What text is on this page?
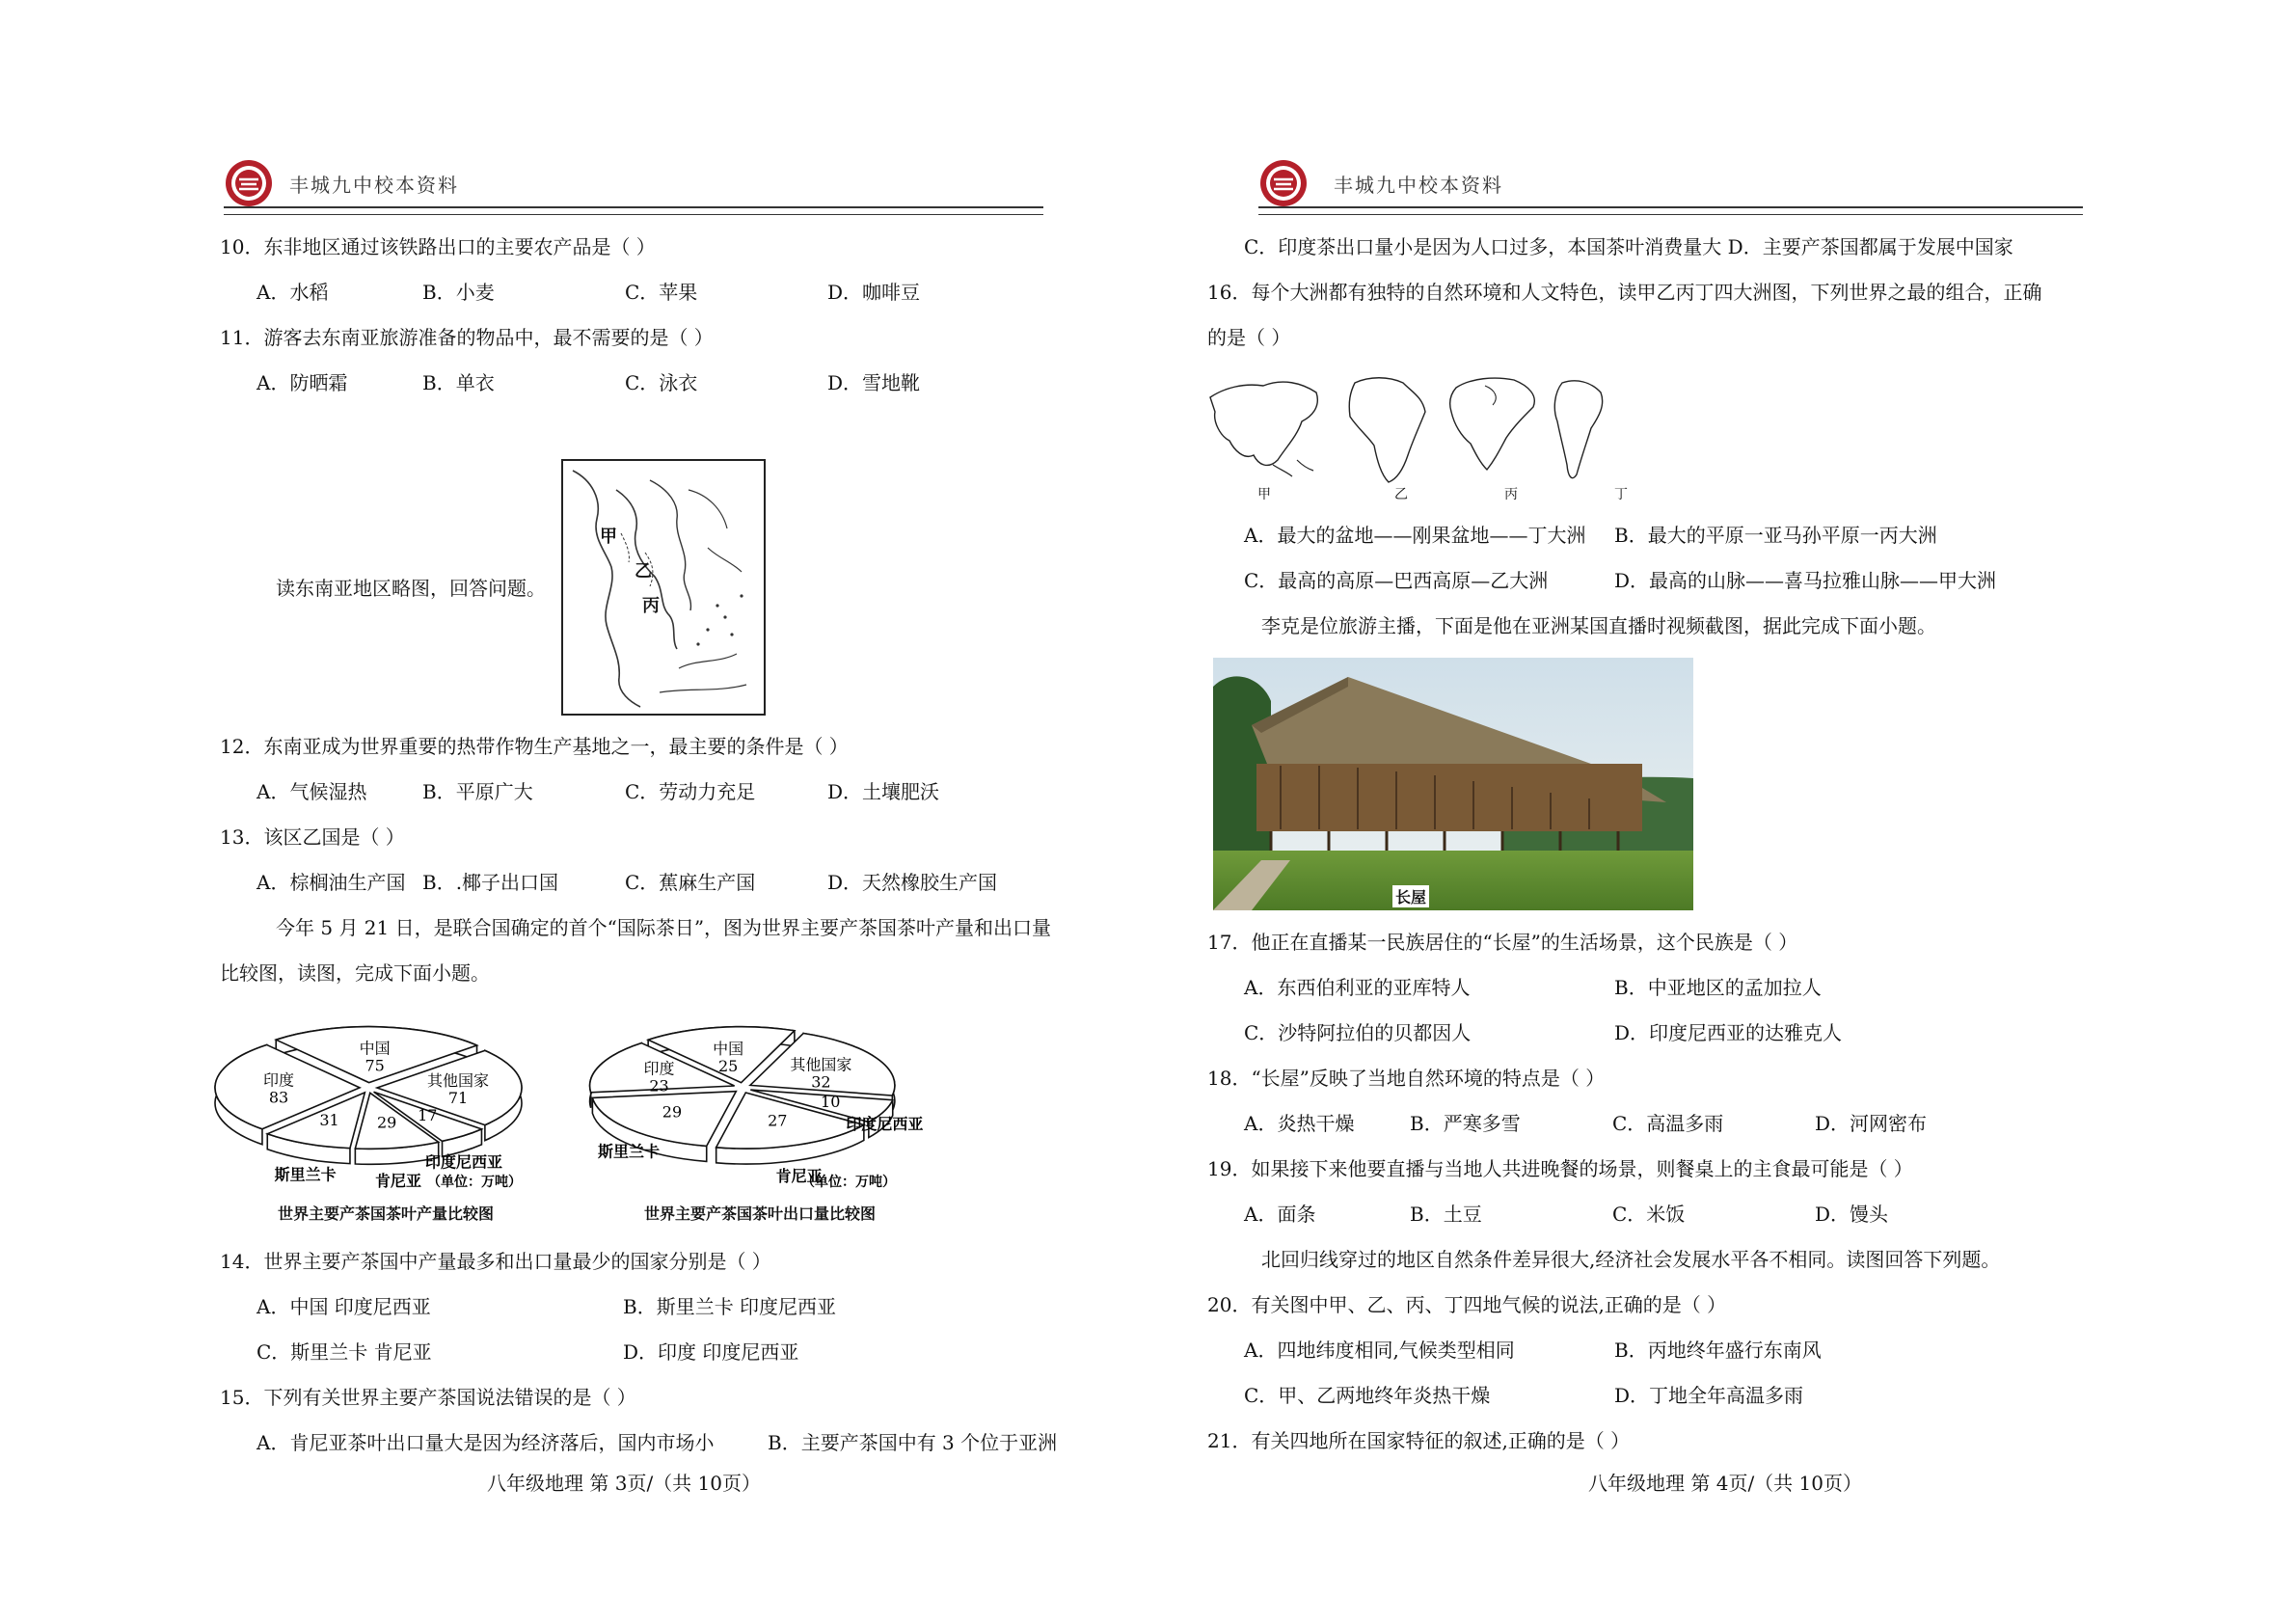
丰城九中校本资料
10．东非地区通过该铁路出口的主要农产品是（ ）
A．水稻	B．小麦	C．苹果	D．咖啡豆
11．游客去东南亚旅游准备的物品中，最不需要的是（ ）
A．防晒霜	B．单衣	C．泳衣	D．雪地靴
读东南亚地区略图，回答问题。
甲
乙
丙
12．东南亚成为世界重要的热带作物生产基地之一，最主要的条件是（ ）
A．气候湿热	B．平原广大	C．劳动力充足	D．土壤肥沃
13．该区乙国是（ ）
A．棕榈油生产国 B．.椰子出口国	C．蕉麻生产国	D．天然橡胶生产国
今年 5 月 21 日，是联合国确定的首个“国际茶日”，图为世界主要产茶国茶叶产量和出口量
比较图，读图，完成下面小题。
中国
75
其他国家
71
17
印度尼西亚
29
肯尼亚
31
斯里兰卡
印度
83
（单位：万吨）
中国
25	其他国家
32
10
印度尼西亚
27
肯尼亚
29
斯里兰卡
印度
23
（单位：万吨）
世界主要产茶国茶叶产量比较图	世界主要产茶国茶叶出口量比较图
14．世界主要产茶国中产量最多和出口量最少的国家分别是（ ）
A．中国 印度尼西亚	B．斯里兰卡 印度尼西亚
C．斯里兰卡 肯尼亚	D．印度 印度尼西亚
15．下列有关世界主要产茶国说法错误的是（ ）
A．肯尼亚茶叶出口量大是因为经济落后，国内市场小	B．主要产茶国中有 3 个位于亚洲
八年级地理 第 3页/（共 10页）
丰城九中校本资料
C．印度茶出口量小是因为人口过多，本国茶叶消费量大 D．主要产茶国都属于发展中国家
16．每个大洲都有独特的自然环境和人文特色，读甲乙丙丁四大洲图，下列世界之最的组合，正确
的是（ ）
甲	乙	丙	丁
A．最大的盆地——刚果盆地——丁大洲 B．最大的平原一亚马孙平原一丙大洲
C．最高的高原—巴西高原—乙大洲	D．最高的山脉——喜马拉雅山脉——甲大洲
李克是位旅游主播，下面是他在亚洲某国直播时视频截图，据此完成下面小题。
长屋
17．他正在直播某一民族居住的“长屋”的生活场景，这个民族是（ ）
A．东西伯利亚的亚库特人	B．中亚地区的孟加拉人
C．沙特阿拉伯的贝都因人	D．印度尼西亚的达雅克人
18．“长屋”反映了当地自然环境的特点是（ ）
A．炎热干燥	B．严寒多雪	C．高温多雨	D．河网密布
19．如果接下来他要直播与当地人共进晚餐的场景，则餐桌上的主食最可能是（ ）
A．面条	B．土豆	C．米饭	D．馒头
北回归线穿过的地区自然条件差异很大,经济社会发展水平各不相同。读图回答下列题。
20．有关图中甲、乙、丙、丁四地气候的说法,正确的是（ ）
A．四地纬度相同,气候类型相同	B．丙地终年盛行东南风
C．甲、乙两地终年炎热干燥	D．丁地全年高温多雨
21．有关四地所在国家特征的叙述,正确的是（ ）
八年级地理 第 4页/（共 10页）
